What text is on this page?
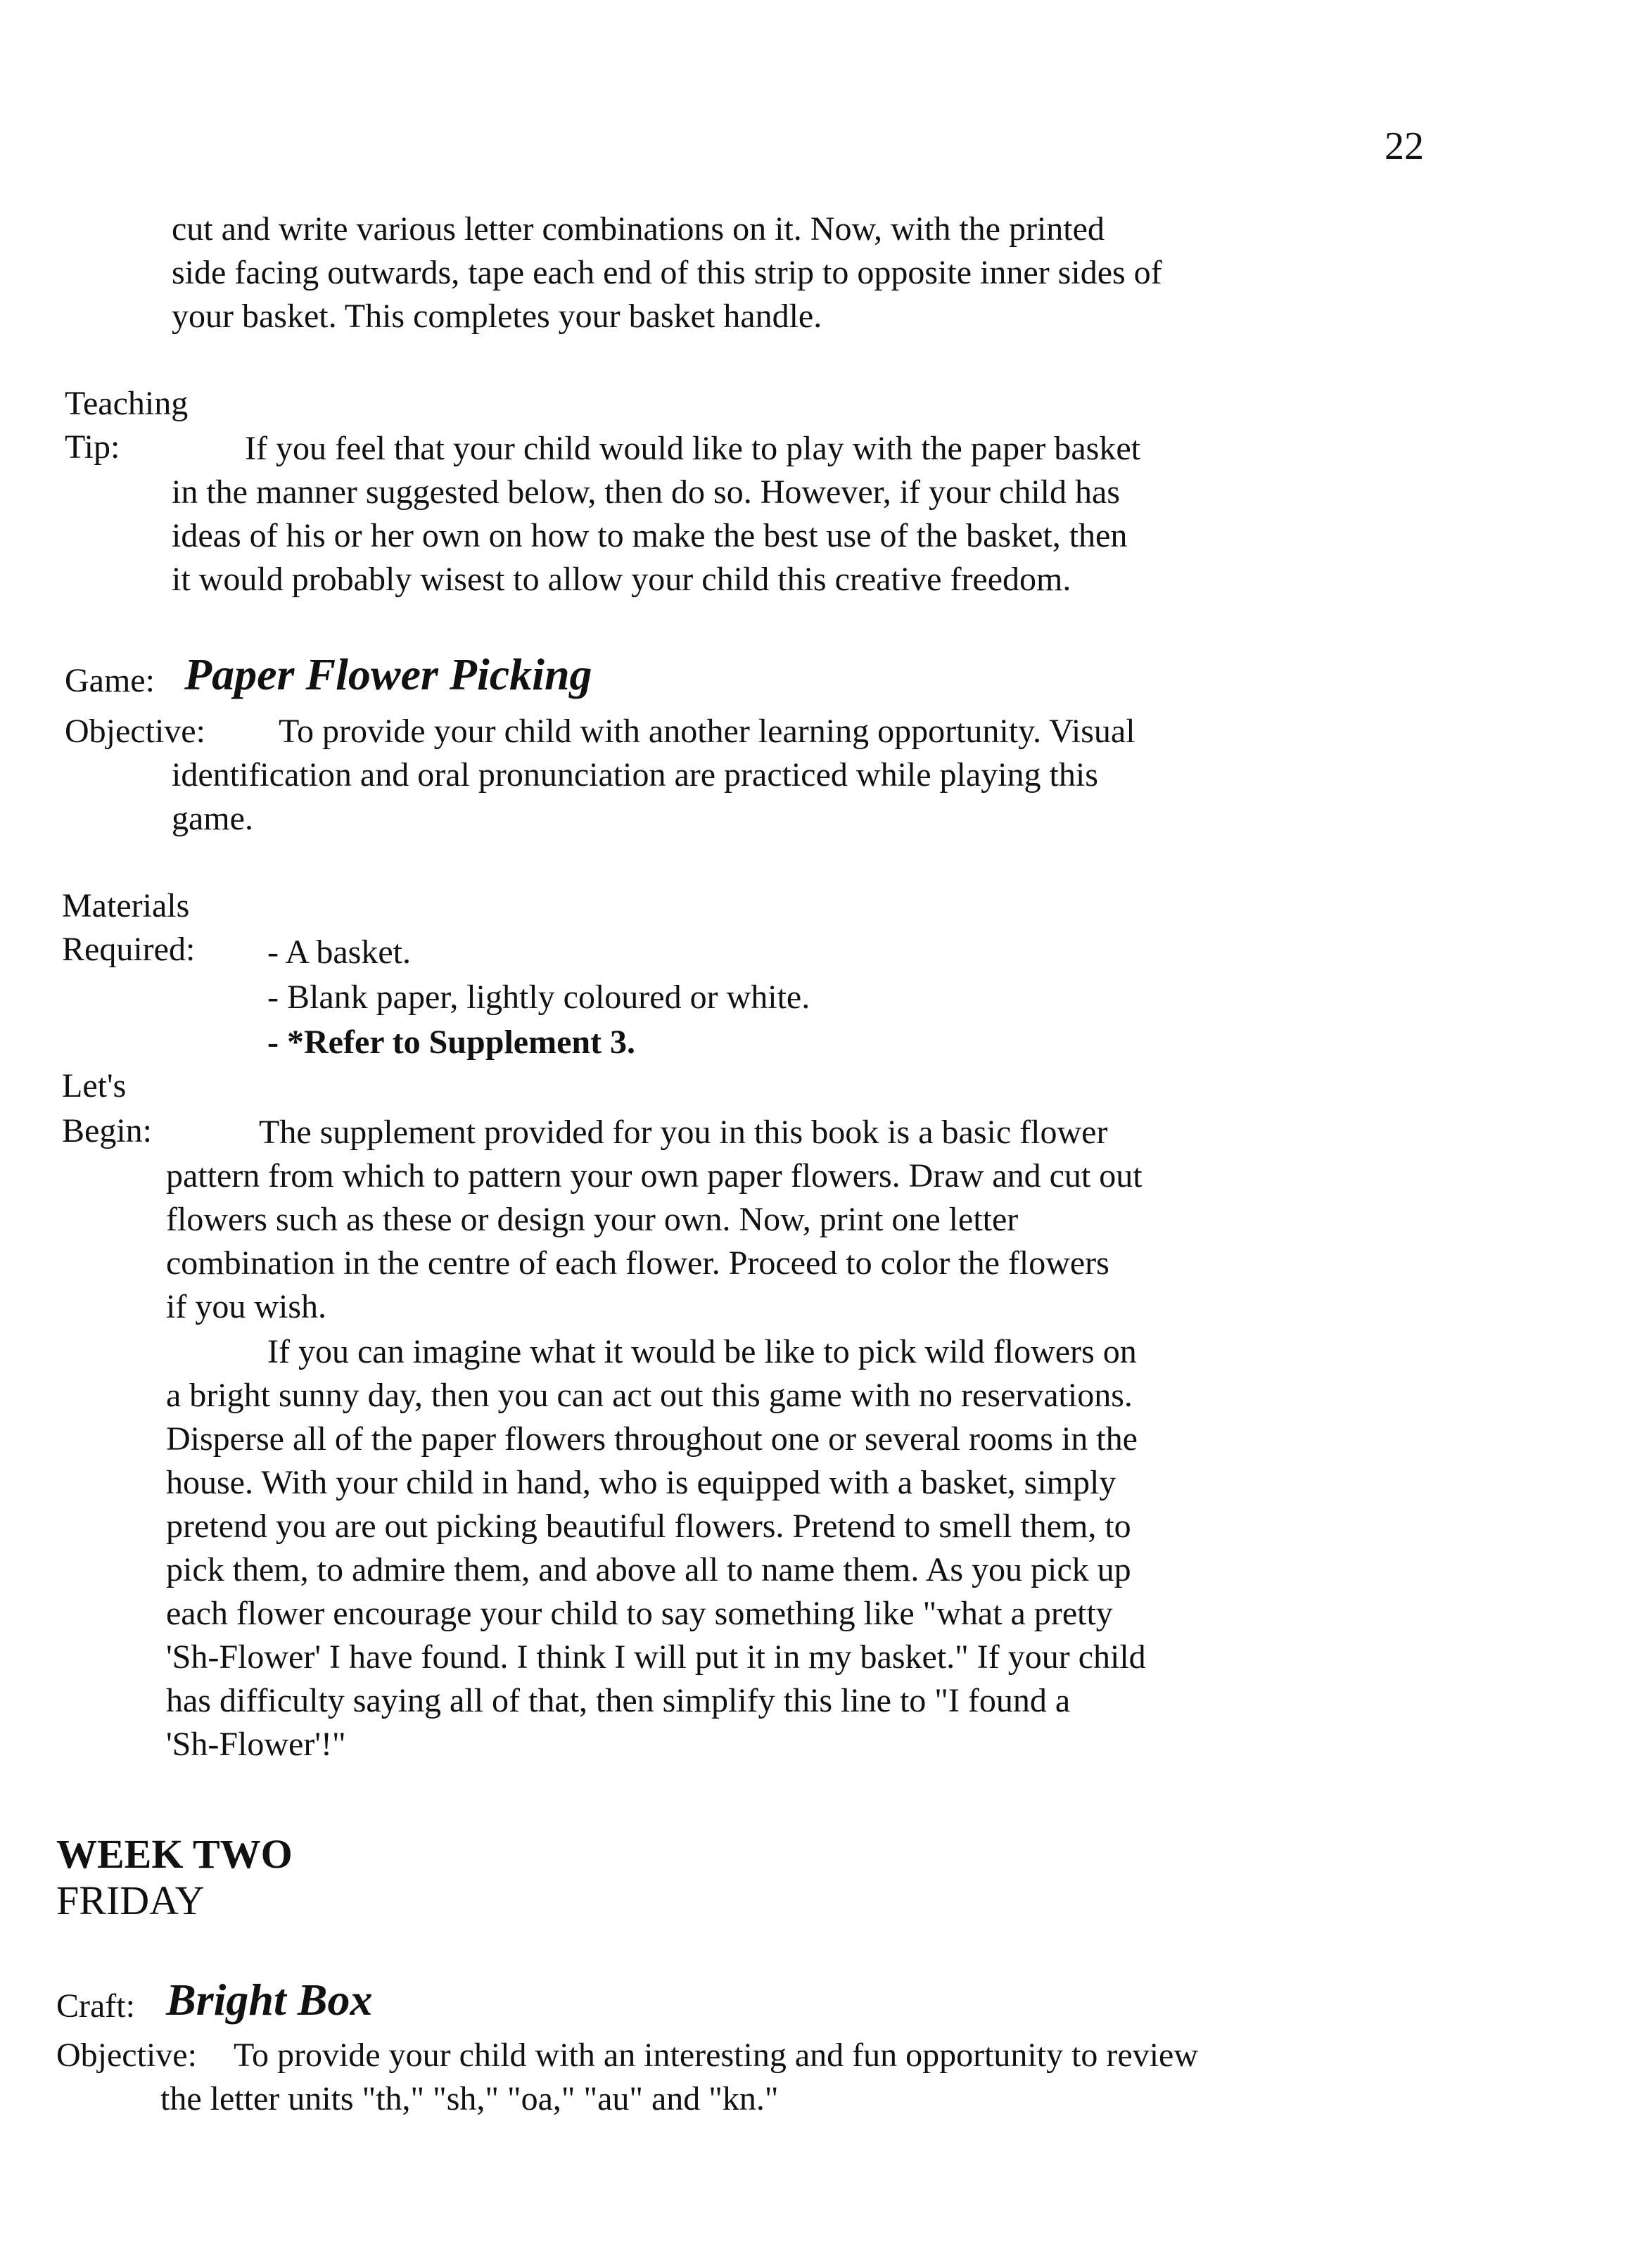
22
cut and write various letter combinations on it. Now, with the printed
side facing outwards, tape each end of this strip to opposite inner sides of
your basket. This completes your basket handle.
Teaching
Tip:	If you feel that your child would like to play with the paper basket
in the manner suggested below, then do so. However, if your child has
ideas of his or her own on how to make the best use of the basket, then
it would probably wisest to allow your child this creative freedom.
Game: Paper Flower Picking
Objective: To provide your child with another learning opportunity. Visual
identification and oral pronunciation are practiced while playing this
game.
Materials
Required: - A basket.
- Blank paper, lightly coloured or white.
- *Refer to Supplement 3.
Let's
Begin:	The supplement provided for you in this book is a basic flower
pattern from which to pattern your own paper flowers. Draw and cut out
flowers such as these or design your own. Now, print one letter
combination in the centre of each flower. Proceed to color the flowers
if you wish.
If you can imagine what it would be like to pick wild flowers on
a bright sunny day, then you can act out this game with no reservations.
Disperse all of the paper flowers throughout one or several rooms in the
house. With your child in hand, who is equipped with a basket, simply
pretend you are out picking beautiful flowers. Pretend to smell them, to
pick them, to admire them, and above all to name them. As you pick up
each flower encourage your child to say something like "what a pretty
'Sh-Flower' I have found. I think I will put it in my basket." If your child
has difficulty saying all of that, then simplify this line to "I found a
'Sh-Flower'!"
WEEK TWO
FRIDAY
Craft: Bright Box
Objective: To provide your child with an interesting and fun opportunity to review
the letter units "th," "sh," "oa," "au" and "kn."
